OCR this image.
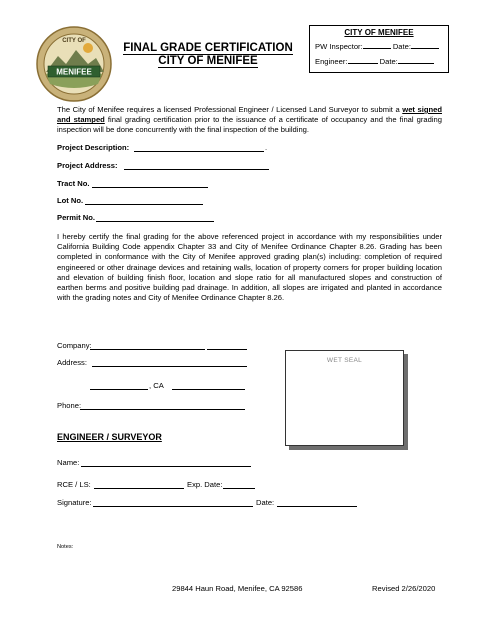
MENIFEE
CITY OF
FINAL GRADE CERTIFICATION
CITY OF MENIFEE
CITY OF MENIFEE
PW Inspector:	Date:
Engineer:	Date:
The City of Menifee requires a licensed Professional Engineer / Licensed Land Surveyor to submit a wet signed and stamped final grading certification prior to the issuance of a certificate of occupancy and the final grading inspection will be done concurrently with the final inspection of the building.
Project Description:	.
Project Address:
Tract No.
Lot No.
Permit No.
I hereby certify the final grading for the above referenced project in accordance with my responsibilities under California Building Code appendix Chapter 33 and City of Menifee Ordinance Chapter 8.26. Grading has been completed in conformance with the City of Menifee approved grading plan(s) including: completion of required engineered or other drainage devices and retaining walls, location of property corners for proper building location and elevation of building finish floor, location and slope ratio for all manufactured slopes and construction of earthen berms and positive building pad drainage. In addition, all slopes are irrigated and planted in accordance with the grading notes and City of Menifee Ordinance Chapter 8.26.
Company:
Address:
, CA
Phone:
WET SEAL
ENGINEER / SURVEYOR
Name:
RCE / LS:	Exp. Date:
Signature:	Date:
Notes:
29844 Haun Road, Menifee, CA 92586	Revised 2/26/2020
